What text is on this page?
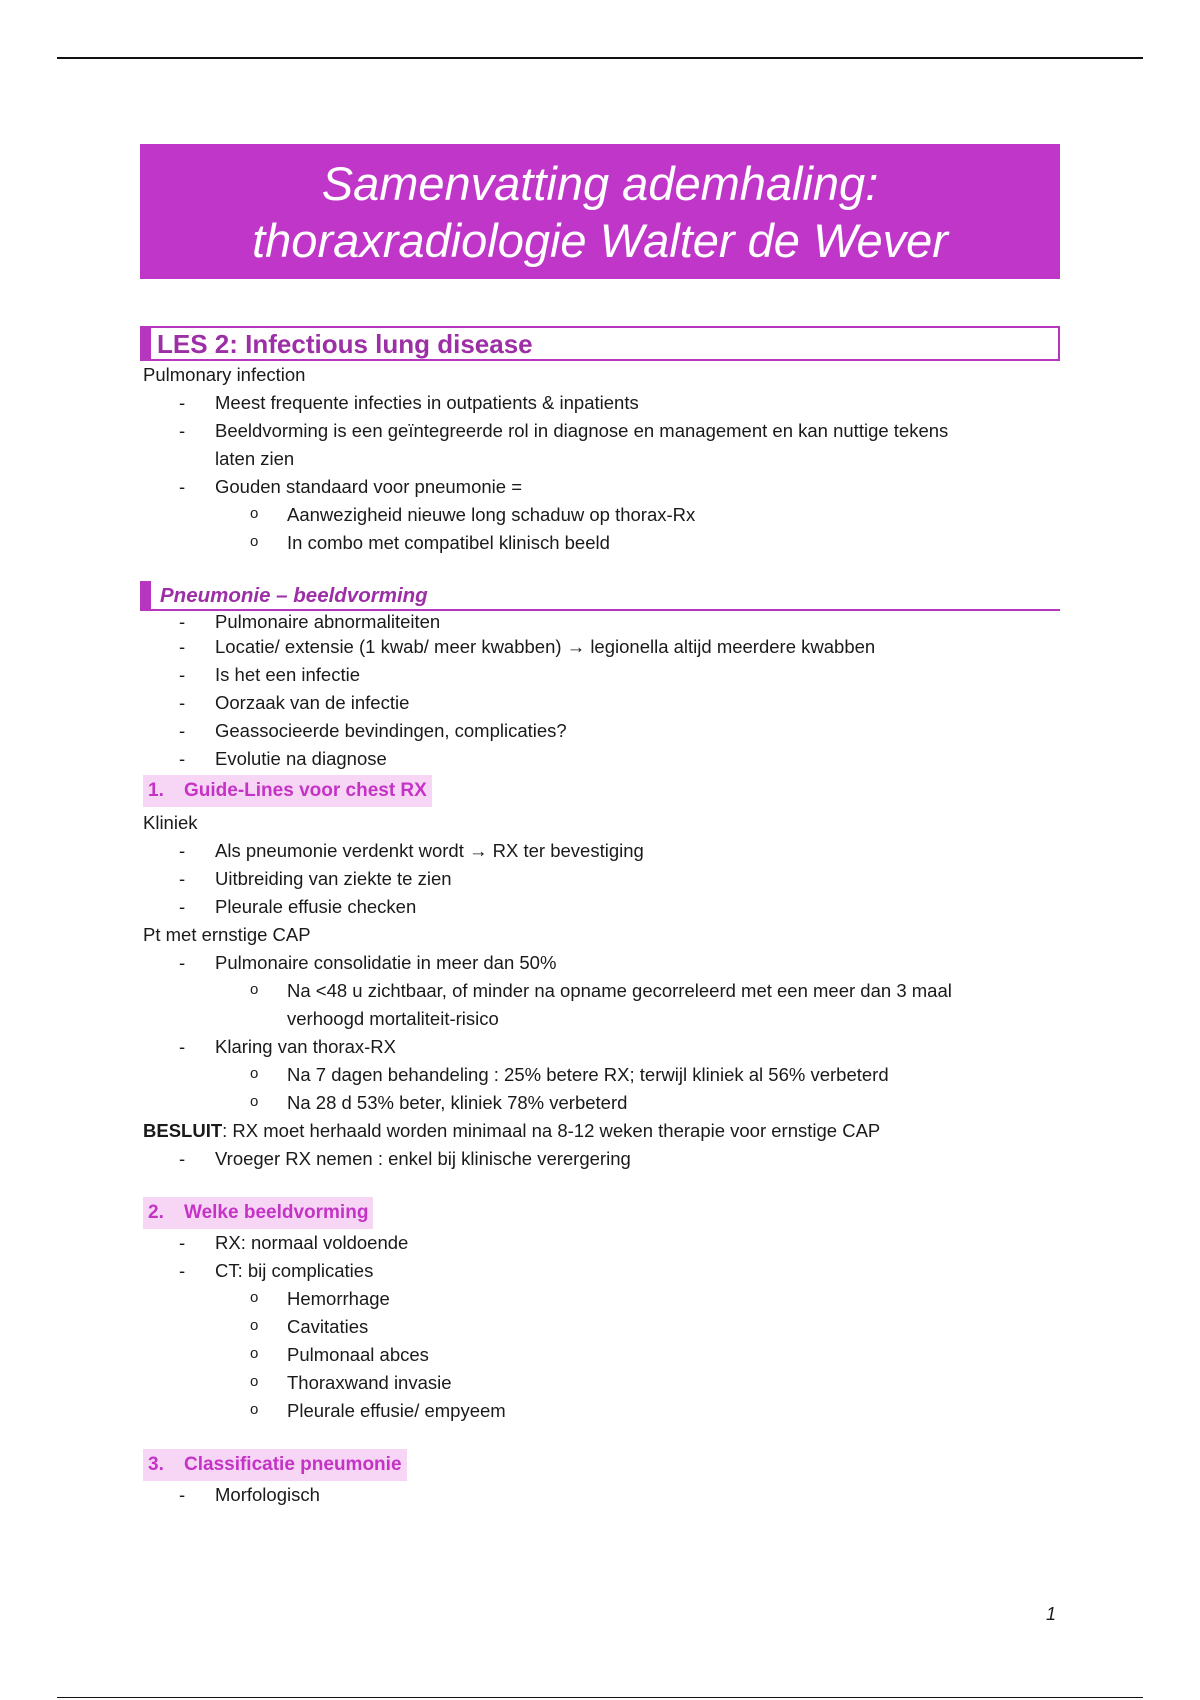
Samenvatting ademhaling:
thoraxradiologie Walter de Wever
LES 2: Infectious lung disease
Pulmonary infection
- Meest frequente infecties in outpatients & inpatients
- Beeldvorming is een geïntegreerde rol in diagnose en management en kan nuttige tekens
laten zien
- Gouden standaard voor pneumonie =
o Aanwezigheid nieuwe long schaduw op thorax-Rx
o In combo met compatibel klinisch beeld
Pneumonie – beeldvorming
- Pulmonaire abnormaliteiten
- Locatie/ extensie (1 kwab/ meer kwabben) → legionella altijd meerdere kwabben
- Is het een infectie
- Oorzaak van de infectie
- Geassocieerde bevindingen, complicaties?
- Evolutie na diagnose
1. Guide-Lines voor chest RX
Kliniek
- Als pneumonie verdenkt wordt → RX ter bevestiging
- Uitbreiding van ziekte te zien
- Pleurale effusie checken
Pt met ernstige CAP
- Pulmonaire consolidatie in meer dan 50%
o Na <48 u zichtbaar, of minder na opname gecorreleerd met een meer dan 3 maal
verhoogd mortaliteit-risico
- Klaring van thorax-RX
o Na 7 dagen behandeling : 25% betere RX; terwijl kliniek al 56% verbeterd
o Na 28 d 53% beter, kliniek 78% verbeterd
BESLUIT: RX moet herhaald worden minimaal na 8-12 weken therapie voor ernstige CAP
- Vroeger RX nemen : enkel bij klinische verergering
2. Welke beeldvorming
- RX: normaal voldoende
- CT: bij complicaties
o Hemorrhage
o Cavitaties
o Pulmonaal abces
o Thoraxwand invasie
o Pleurale effusie/ empyeem
3. Classificatie pneumonie
- Morfologisch
1
